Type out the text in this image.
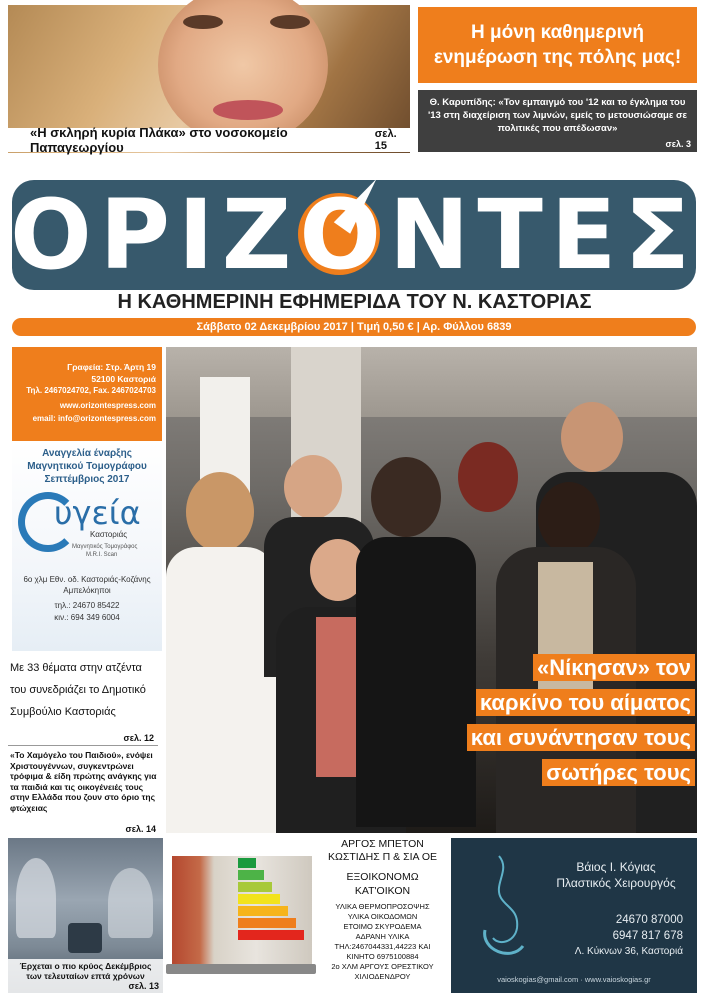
«Η σκληρή κυρία Πλάκα» στο νοσοκομείο Παπαγεωργίου
σελ. 15
Η μόνη καθημερινή ενημέρωση της πόλης μας!
Θ. Καρυπίδης: «Τον εμπαιγμό του '12 και το έγκλημα του '13 στη διαχείριση των λιμνών, εμείς το μετουσιώσαμε σε πολιτικές που απέδωσαν»
σελ. 3
ΟΡΙΖΟΝΤΕΣ
Η ΚΑΘΗΜΕΡΙΝΗ ΕΦΗΜΕΡΙΔΑ ΤΟΥ Ν. ΚΑΣΤΟΡΙΑΣ
Σάββατο 02 Δεκεμβρίου 2017 | Τιμή 0,50 € | Αρ. Φύλλου 6839
Γραφεία: Στρ. Άρτη 19
52100 Καστοριά
Τηλ. 2467024702, Fax. 2467024703
www.orizontespress.com
email: info@orizontespress.com
Αναγγελία έναρξης
Μαγνητικού Τομογράφου
Σεπτέμβριος 2017
υγεία
Καστοριάς
Μαγνητικός Τομογράφος
M.R.I. Scan
6ο χλμ Εθν. οδ. Καστοριάς-Κοζάνης
Αμπελόκηποι
τηλ.: 24670 85422
κιν.: 694 349 6004
Με 33 θέματα στην ατζέντα του συνεδριάζει το Δημοτικό Συμβούλιο Καστοριάς
σελ. 12
«Το Χαμόγελο του Παιδιού», ενόψει Χριστουγέννων, συγκεντρώνει τρόφιμα & είδη πρώτης ανάγκης για τα παιδιά και τις οικογένειές τους στην Ελλάδα που ζουν στο όριο της φτώχειας
σελ. 14
Έρχεται ο πιο κρύος Δεκέμβριος των τελευταίων επτά χρόνων
σελ. 13
«Νίκησαν» τον καρκίνο του αίματος και συνάντησαν τους σωτήρες τους
ΑΡΓΟΣ ΜΠΕΤΟΝ
ΚΩΣΤΙΔΗΣ Π & ΣΙΑ ΟΕ
ΕΞΟΙΚΟΝΟΜΩ
ΚΑΤ'ΟΙΚΟΝ
ΥΛΙΚΑ ΘΕΡΜΟΠΡΟΣΟΨΗΣ
ΥΛΙΚΑ ΟΙΚΟΔΟΜΩΝ
ΕΤΟΙΜΟ ΣΚΥΡΟΔΕΜΑ
ΑΔΡΑΝΗ ΥΛΙΚΑ
ΤΗΛ:2467044331,44223 ΚΑΙ
ΚΙΝΗΤΟ 6975100884
2ο ΧΛΜ ΑΡΓΟΥΣ ΟΡΕΣΤΙΚΟΥ
ΧΙΛΙΟΔΕΝΔΡΟΥ
Βάιος Ι. Κόγιας
Πλαστικός Χειρουργός
24670 87000
6947 817 678
Λ. Κύκνων 36, Καστοριά
vaioskogias@gmail.com · www.vaioskogias.gr
